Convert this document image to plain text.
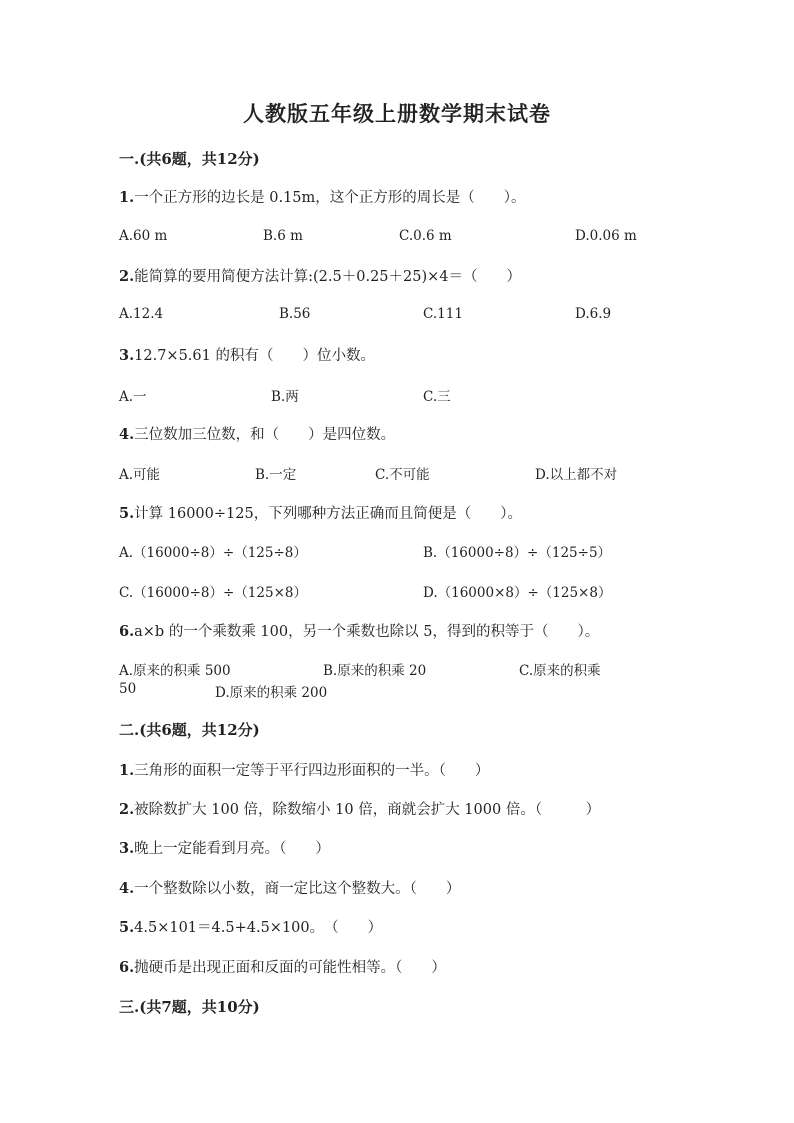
人教版五年级上册数学期末试卷
一.(共6题，共12分)
1.一个正方形的边长是 0.15m，这个正方形的周长是（　　）。
A.60 m	B.6 m	C.0.6 m	D.0.06 m
2.能简算的要用简便方法计算:(2.5＋0.25＋25)×4＝（　　）
A.12.4	B.56	C.111	D.6.9
3.12.7×5.61 的积有（　　）位小数。
A.一	B.两	C.三
4.三位数加三位数，和（　　）是四位数。
A.可能	B.一定	C.不可能	D.以上都不对
5.计算 16000÷125，下列哪种方法正确而且简便是（　　）。
A.（16000÷8）÷（125÷8）	B.（16000÷8）÷（125÷5）
C.（16000÷8）÷（125×8）	D.（16000×8）÷（125×8）
6.a×b 的一个乘数乘 100，另一个乘数也除以 5，得到的积等于（　　）。
A.原来的积乘 500	B.原来的积乘 20	C.原来的积乘
50	D.原来的积乘 200
二.(共6题，共12分)
1.三角形的面积一定等于平行四边形面积的一半。（　　）
2.被除数扩大 100 倍，除数缩小 10 倍，商就会扩大 1000 倍。（　　　）
3.晚上一定能看到月亮。（　　）
4.一个整数除以小数，商一定比这个整数大。（　　）
5.4.5×101＝4.5+4.5×100。　（　　）
6.抛硬币是出现正面和反面的可能性相等。（　　）
三.(共7题，共10分)
